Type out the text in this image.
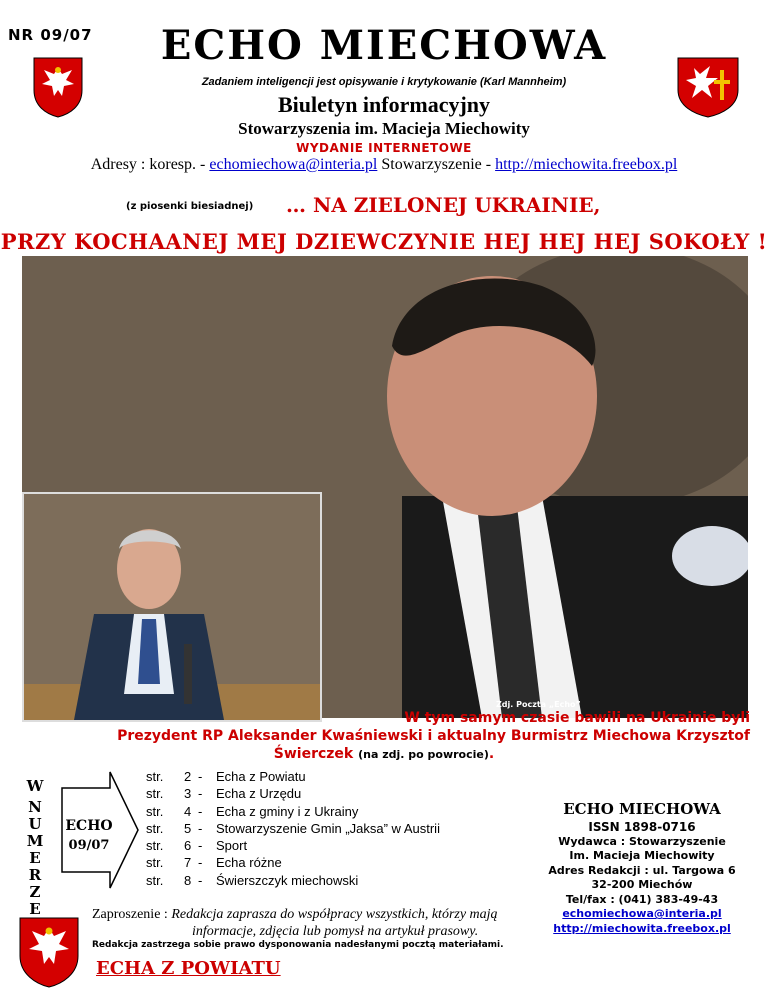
NR 09/07	ECHO MIECHOWA
Zadaniem inteligencji jest opisywanie i krytykowanie (Karl Mannheim)
Biuletyn informacyjny
Stowarzyszenia im. Macieja Miechowity
WYDANIE INTERNETOWE
Adresy : koresp. - echomiechowa@interia.pl Stowarzyszenie - http://miechowita.freebox.pl
(z piosenki biesiadnej) … NA ZIELONEJ UKRAINIE,
PRZY KOCHAANEJ MEJ DZIEWCZYNIE HEJ HEJ HEJ SOKOŁY !
Zdj. Poczta „Echo”
W tym samym czasie bawili na Ukrainie byli
Prezydent RP Aleksander Kwaśniewski i aktualny Burmistrz Miechowa Krzysztof
Świerczek (na zdj. po powrocie).
W
N
U
M
E
R
Z
E
ECHO
09/07
str. 2 - Echa z Powiatu
str. 3 - Echa z Urzędu
str. 4 - Echa z gminy i z Ukrainy
str. 5 - Stowarzyszenie Gmin „Jaksa” w Austrii
str. 6 - Sport
str. 7 - Echa różne
str. 8 - Świerszczyk miechowski
ECHO MIECHOWA
ISSN 1898-0716
Wydawca : Stowarzyszenie
Im. Macieja Miechowity
Adres Redakcji : ul. Targowa 6
32-200 Miechów
Tel/fax : (041) 383-49-43
echomiechowa@interia.pl
http://miechowita.freebox.pl
Zaproszenie : Redakcja zaprasza do współpracy wszystkich, którzy mają
informacje, zdjęcia lub pomysł na artykuł prasowy.
Redakcja zastrzega sobie prawo dysponowania nadesłanymi pocztą materiałami.
ECHA Z POWIATU
